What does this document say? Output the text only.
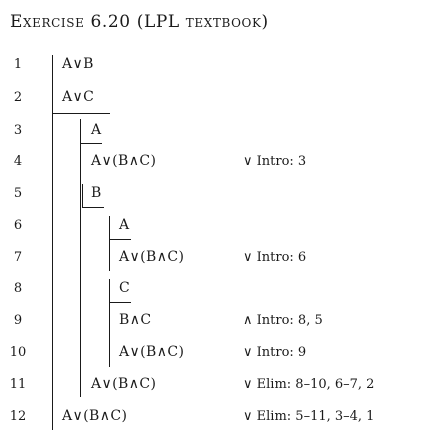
Exercise 6.20 (LPL textbook)
1
2
3
4
5
6
7
8
9
10
11
12
A∨B
A∨C
A
A∨(B∧C)
B
A
A∨(B∧C)
C
B∧C
A∨(B∧C)
A∨(B∧C)
A∨(B∧C)
∨ Intro: 3
∨ Intro: 6
∧ Intro: 8, 5
∨ Intro: 9
∨ Elim: 8–10, 6–7, 2
∨ Elim: 5–11, 3–4, 1
